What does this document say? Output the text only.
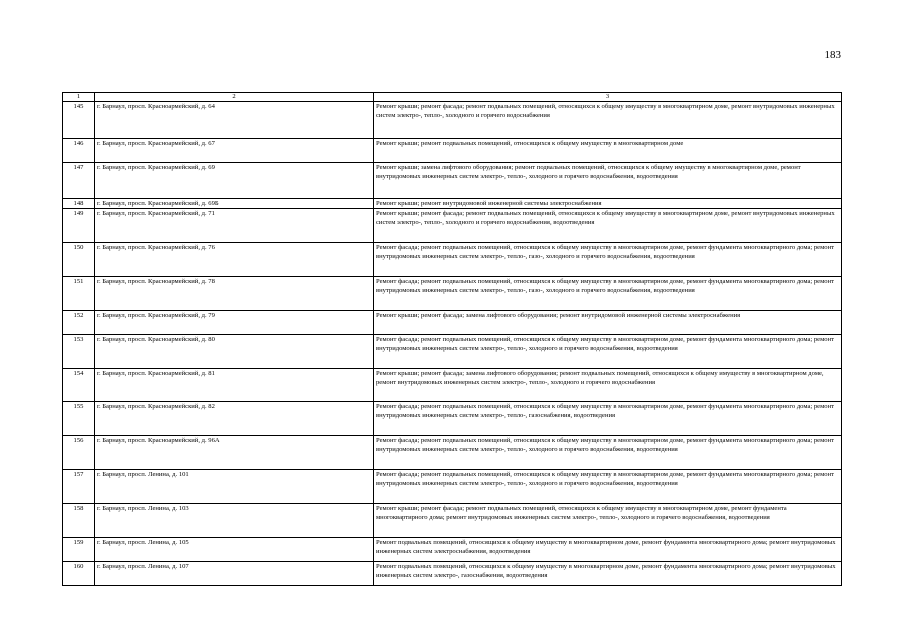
183
1	2	3
145	г. Барнаул, просп. Красноармейский, д. 64	Ремонт крыши; ремонт фасада; ремонт подвальных помещений, относящихся к общему имуществу в многоквартирном доме, ремонт внутридомовых инженерных систем электро-, тепло-, холодного и горячего водоснабжения
146	г. Барнаул, просп. Красноармейский, д. 67	Ремонт крыши; ремонт подвальных помещений, относящихся к общему имуществу в многоквартирном доме
147	г. Барнаул, просп. Красноармейский, д. 69	Ремонт крыши; замена лифтового оборудования; ремонт подвальных помещений, относящихся к общему имуществу в многоквартирном доме, ремонт внутридомовых инженерных систем электро-, тепло-, холодного и горячего водоснабжения, водоотведения
148	г. Барнаул, просп. Красноармейский, д. 69Б	Ремонт крыши; ремонт внутридомовой инженерной системы электроснабжения
149	г. Барнаул, просп. Красноармейский, д. 71	Ремонт крыши; ремонт фасада; ремонт подвальных помещений, относящихся к общему имуществу в многоквартирном доме, ремонт внутридомовых инженерных систем электро-, тепло-, холодного и горячего водоснабжения, водоотведения
150	г. Барнаул, просп. Красноармейский, д. 76	Ремонт фасада; ремонт подвальных помещений, относящихся к общему имуществу в многоквартирном доме, ремонт фундамента многоквартирного дома; ремонт внутридомовых инженерных систем электро-, тепло-, газо-, холодного и горячего водоснабжения, водоотведения
151	г. Барнаул, просп. Красноармейский, д. 78	Ремонт фасада; ремонт подвальных помещений, относящихся к общему имуществу в многоквартирном доме, ремонт фундамента многоквартирного дома; ремонт внутридомовых инженерных систем электро-, тепло-, газо-, холодного и горячего водоснабжения, водоотведения
152	г. Барнаул, просп. Красноармейский, д. 79	Ремонт крыши; ремонт фасада; замена лифтового оборудования; ремонт внутридомовой инженерной системы электроснабжения
153	г. Барнаул, просп. Красноармейский, д. 80	Ремонт фасада; ремонт подвальных помещений, относящихся к общему имуществу в многоквартирном доме, ремонт фундамента многоквартирного дома; ремонт внутридомовых инженерных систем электро-, тепло-, холодного и горячего водоснабжения, водоотведения
154	г. Барнаул, просп. Красноармейский, д. 81	Ремонт крыши; ремонт фасада; замена лифтового оборудования; ремонт подвальных помещений, относящихся к общему имуществу в многоквартирном доме, ремонт внутридомовых инженерных систем электро-, тепло-, холодного и горячего водоснабжения
155	г. Барнаул, просп. Красноармейский, д. 82	Ремонт фасада; ремонт подвальных помещений, относящихся к общему имуществу в многоквартирном доме, ремонт фундамента многоквартирного дома; ремонт внутридомовых инженерных систем электро-, тепло-, газоснабжения, водоотведения
156	г. Барнаул, просп. Красноармейский, д. 96А	Ремонт фасада; ремонт подвальных помещений, относящихся к общему имуществу в многоквартирном доме, ремонт фундамента многоквартирного дома; ремонт внутридомовых инженерных систем электро-, тепло-, холодного и горячего водоснабжения, водоотведения
157	г. Барнаул, просп. Ленина, д. 101	Ремонт фасада; ремонт подвальных помещений, относящихся к общему имуществу в многоквартирном доме, ремонт фундамента многоквартирного дома; ремонт внутридомовых инженерных систем электро-, тепло-, холодного и горячего водоснабжения, водоотведения
158	г. Барнаул, просп. Ленина, д. 103	Ремонт крыши; ремонт фасада; ремонт подвальных помещений, относящихся к общему имуществу в многоквартирном доме, ремонт фундамента многоквартирного дома; ремонт внутридомовых инженерных систем электро-, тепло-, холодного и горячего водоснабжения, водоотведения
159	г. Барнаул, просп. Ленина, д. 105	Ремонт подвальных помещений, относящихся к общему имуществу в многоквартирном доме, ремонт фундамента многоквартирного дома; ремонт внутридомовых инженерных систем электроснабжения, водоотведения
160	г. Барнаул, просп. Ленина, д. 107	Ремонт подвальных помещений, относящихся к общему имуществу в многоквартирном доме, ремонт фундамента многоквартирного дома; ремонт внутридомовых инженерных систем электро-, газоснабжения, водоотведения
